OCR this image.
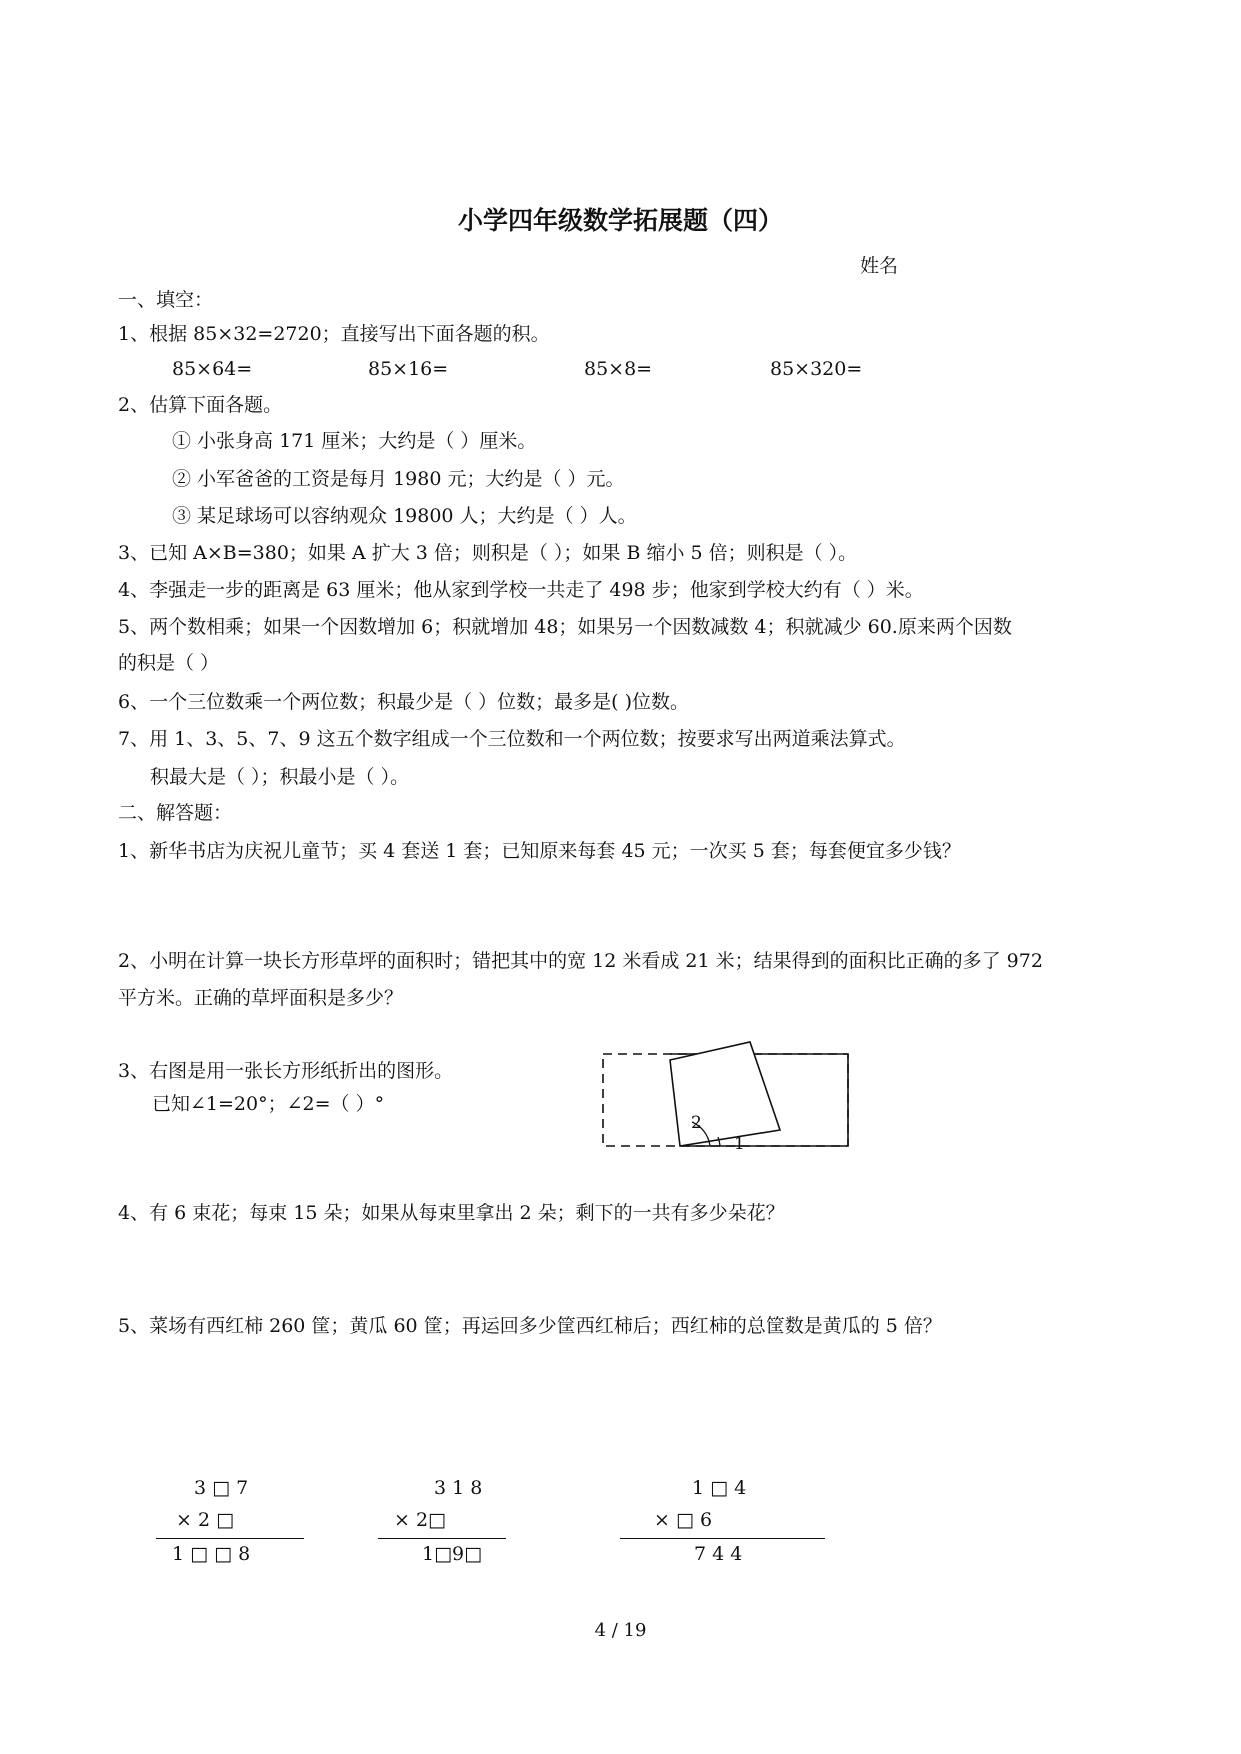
小学四年级数学拓展题（四）
姓名
一、填空：
1、根据 85×32=2720；直接写出下面各题的积。
85×64=	85×16=	85×8=	85×320=
2、估算下面各题。
① 小张身高 171 厘米；大约是（ ）厘米。
② 小军爸爸的工资是每月 1980 元；大约是（ ）元。
③ 某足球场可以容纳观众 19800 人；大约是（ ）人。
3、已知 A×B=380；如果 A 扩大 3 倍；则积是（ ）；如果 B 缩小 5 倍；则积是（ ）。
4、李强走一步的距离是 63 厘米；他从家到学校一共走了 498 步；他家到学校大约有（ ）米。
5、两个数相乘；如果一个因数增加 6；积就增加 48；如果另一个因数减数 4；积就减少 60.原来两个因数
的积是（ ）
6、一个三位数乘一个两位数；积最少是（ ）位数；最多是( )位数。
7、用 1、3、5、7、9 这五个数字组成一个三位数和一个两位数；按要求写出两道乘法算式。
积最大是（ ）；积最小是（ ）。
二、解答题：
1、新华书店为庆祝儿童节；买 4 套送 1 套；已知原来每套 45 元；一次买 5 套；每套便宜多少钱？
2、小明在计算一块长方形草坪的面积时；错把其中的宽 12 米看成 21 米；结果得到的面积比正确的多了 972
平方米。正确的草坪面积是多少？
3、右图是用一张长方形纸折出的图形。
已知∠1=20°；∠2=（ ）°
2
1
4、有 6 束花；每束 15 朵；如果从每束里拿出 2 朵；剩下的一共有多少朵花？
5、菜场有西红柿 260 筐；黄瓜 60 筐；再运回多少筐西红柿后；西红柿的总筐数是黄瓜的 5 倍？
3 □ 7
× 2 □
1 □ □ 8
3 1 8
× 2□
1□9□
1 □ 4
× □ 6
7 4 4
4 / 19
